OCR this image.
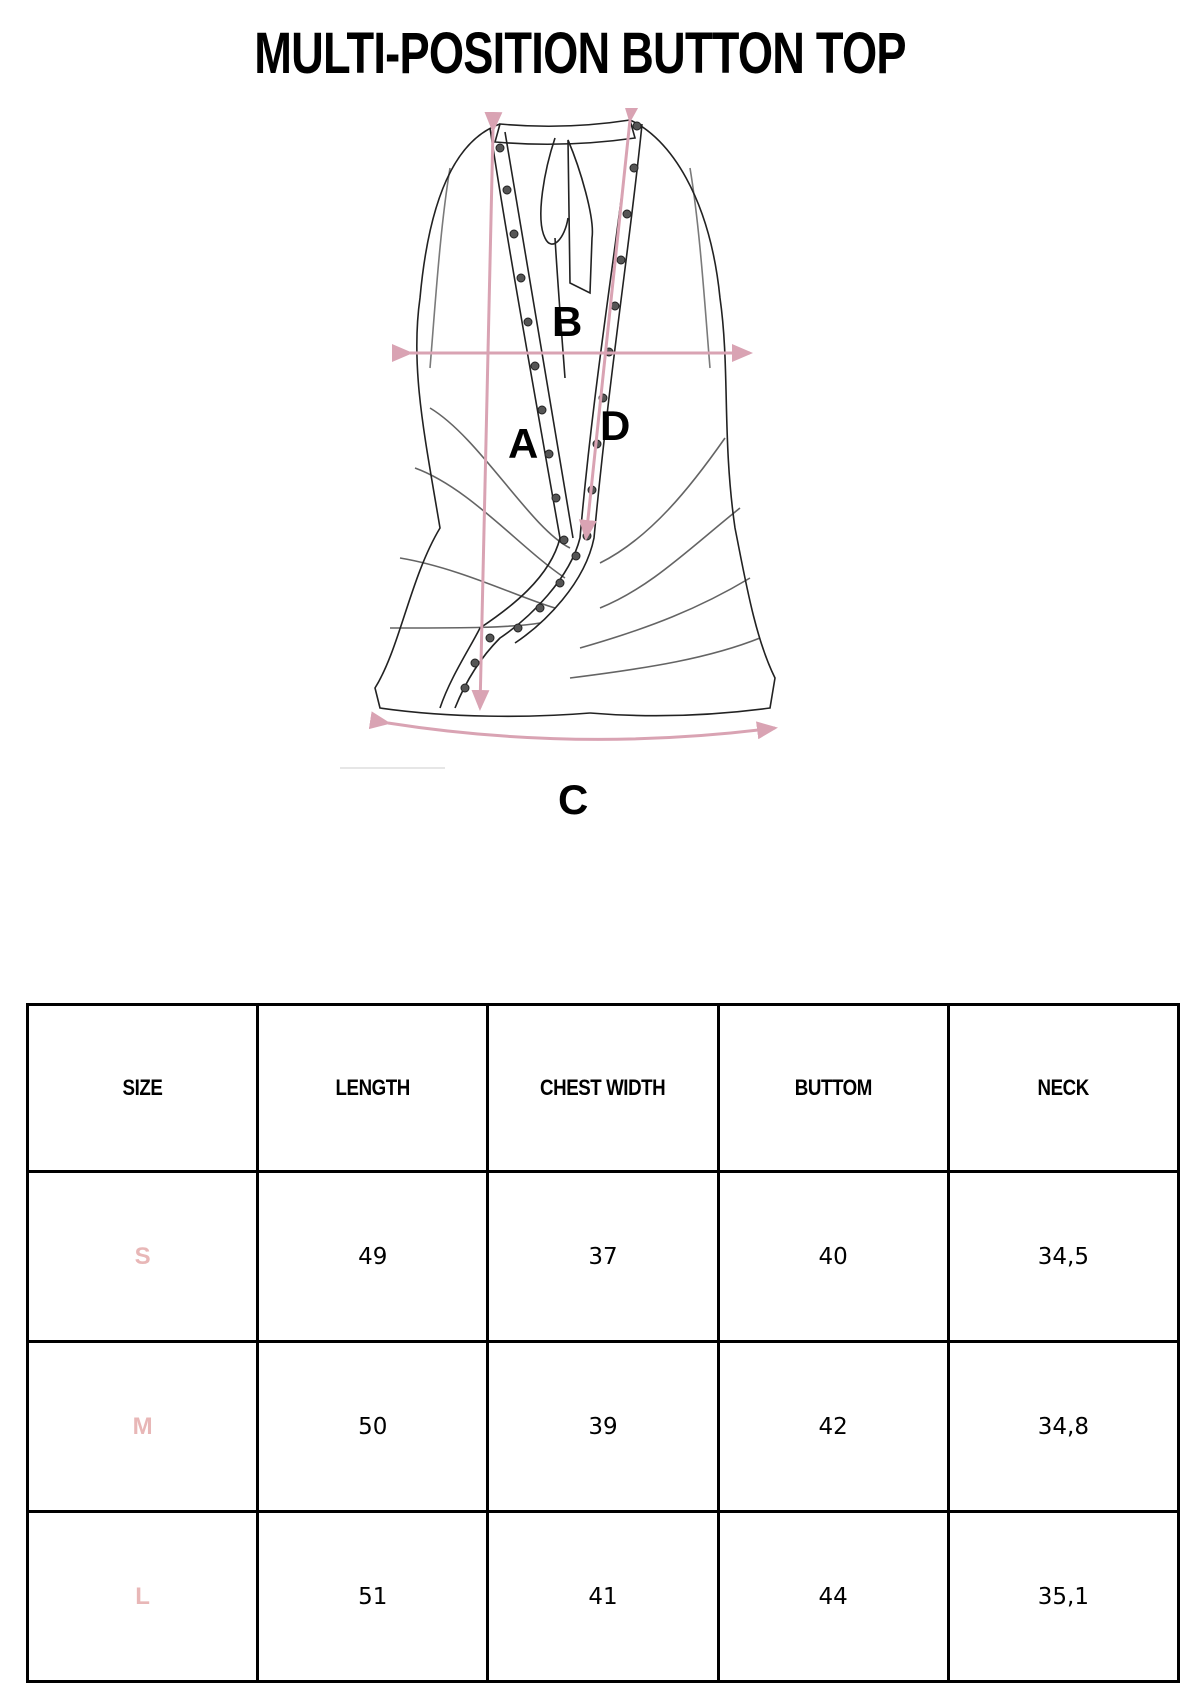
MULTI-POSITION BUTTON TOP
A
B
C
D
SIZE	LENGTH	CHEST WIDTH	BUTTOM	NECK
S	49	37	40	34,5
M	50	39	42	34,8
L	51	41	44	35,1
